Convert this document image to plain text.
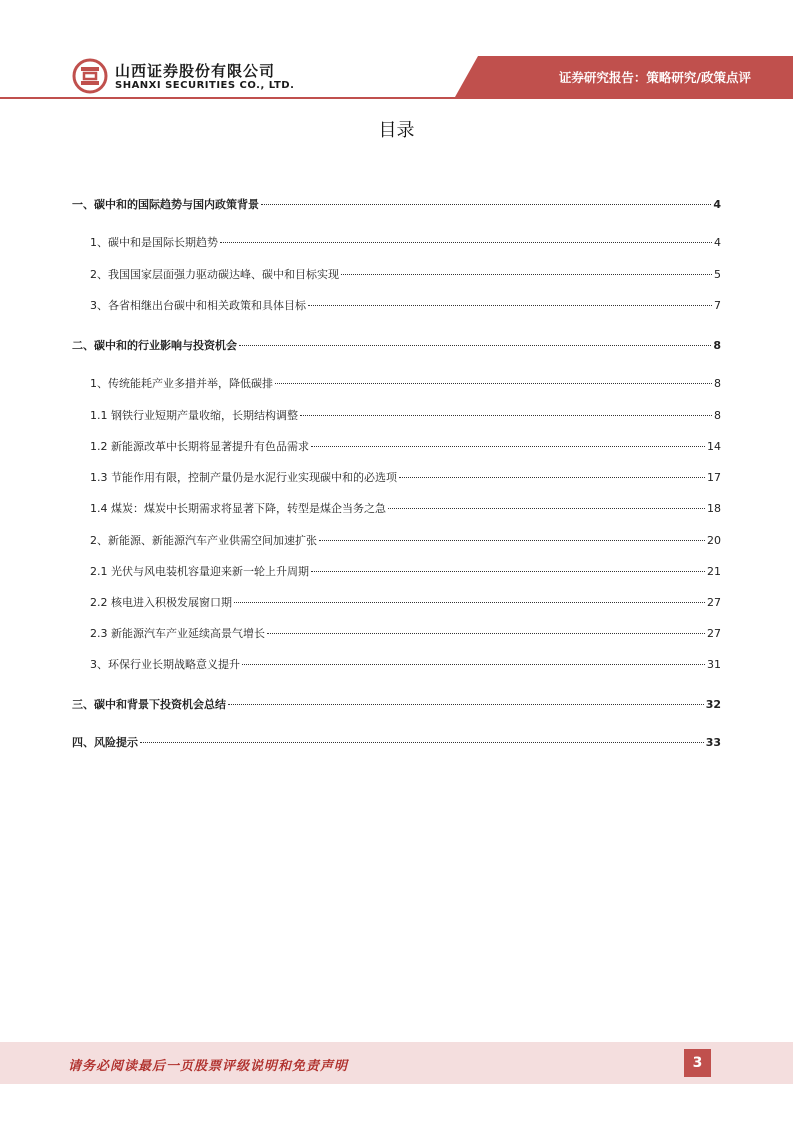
山西证券股份有限公司
SHANXI SECURITIES CO., LTD.
证券研究报告：策略研究/政策点评
目录
一、碳中和的国际趋势与国内政策背景	4
1、碳中和是国际长期趋势	4
2、我国国家层面强力驱动碳达峰、碳中和目标实现	5
3、各省相继出台碳中和相关政策和具体目标	7
二、碳中和的行业影响与投资机会	8
1、传统能耗产业多措并举，降低碳排	8
1.1 钢铁行业短期产量收缩，长期结构调整	8
1.2 新能源改革中长期将显著提升有色品需求	14
1.3 节能作用有限，控制产量仍是水泥行业实现碳中和的必选项	17
1.4 煤炭：煤炭中长期需求将显著下降，转型是煤企当务之急	18
2、新能源、新能源汽车产业供需空间加速扩张	20
2.1 光伏与风电装机容量迎来新一轮上升周期	21
2.2 核电进入积极发展窗口期	27
2.3 新能源汽车产业延续高景气增长	27
3、环保行业长期战略意义提升	31
三、碳中和背景下投资机会总结	32
四、风险提示	33
请务必阅读最后一页股票评级说明和免责声明	3
